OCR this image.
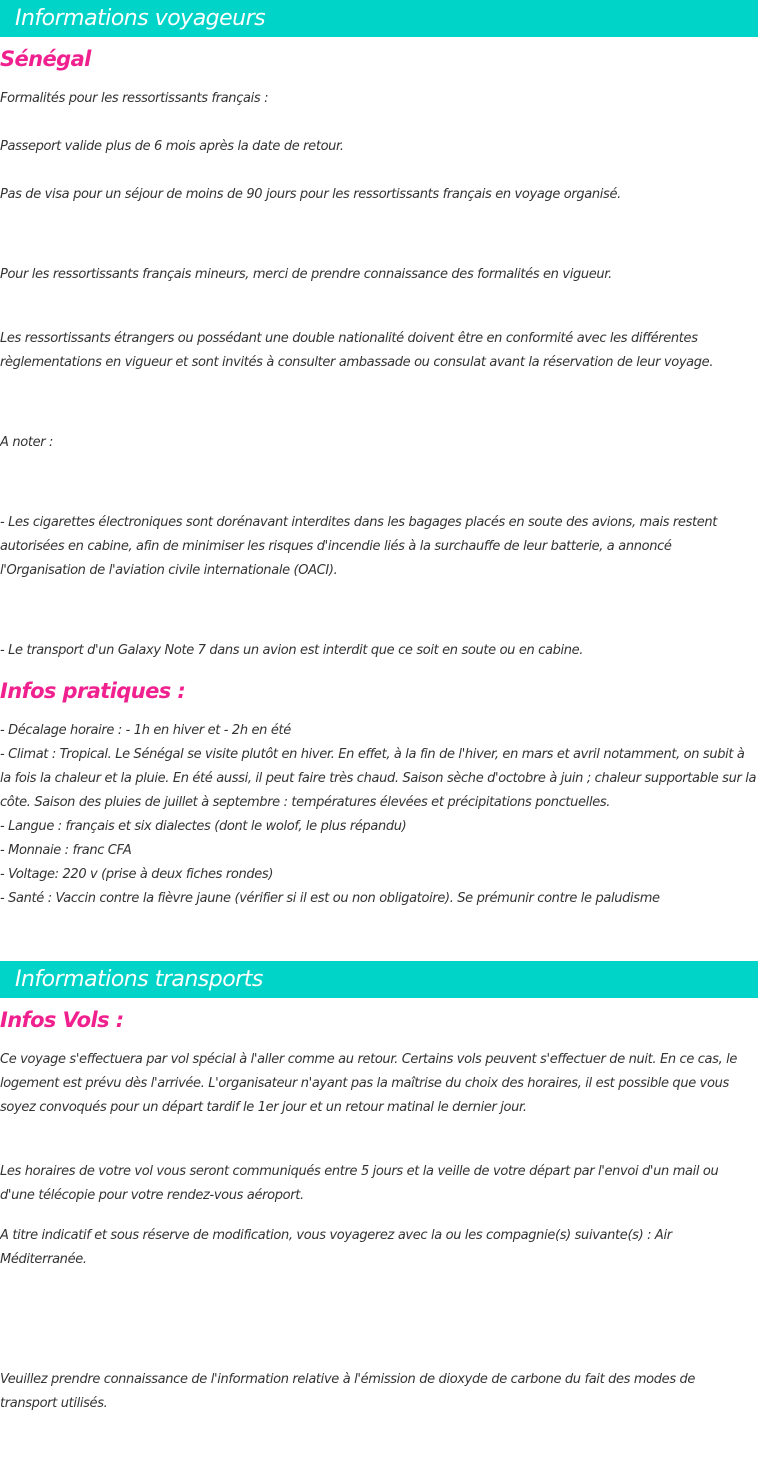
Informations voyageurs
Sénégal
Formalités pour les ressortissants français :
Passeport valide plus de 6 mois après la date de retour.
Pas de visa pour un séjour de moins de 90 jours pour les ressortissants français en voyage organisé.
Pour les ressortissants français mineurs, merci de prendre connaissance des formalités en vigueur.
Les ressortissants étrangers ou possédant une double nationalité doivent être en conformité avec les différentes
règlementations en vigueur et sont invités à consulter ambassade ou consulat avant la réservation de leur voyage.
A noter :
- Les cigarettes électroniques sont dorénavant interdites dans les bagages placés en soute des avions, mais restent
autorisées en cabine, afin de minimiser les risques d'incendie liés à la surchauffe de leur batterie, a annoncé
l'Organisation de l'aviation civile internationale (OACI).
- Le transport d'un Galaxy Note 7 dans un avion est interdit que ce soit en soute ou en cabine.
Infos pratiques :
- Décalage horaire : - 1h en hiver et - 2h en été
- Climat : Tropical. Le Sénégal se visite plutôt en hiver. En effet, à la fin de l'hiver, en mars et avril notamment, on subit à
la fois la chaleur et la pluie. En été aussi, il peut faire très chaud. Saison sèche d'octobre à juin ; chaleur supportable sur la
côte. Saison des pluies de juillet à septembre : températures élevées et précipitations ponctuelles.
- Langue : français et six dialectes (dont le wolof, le plus répandu)
- Monnaie : franc CFA
- Voltage: 220 v (prise à deux fiches rondes)
- Santé : Vaccin contre la fièvre jaune (vérifier si il est ou non obligatoire). Se prémunir contre le paludisme
Informations transports
Infos Vols :
Ce voyage s'effectuera par vol spécial à l'aller comme au retour. Certains vols peuvent s'effectuer de nuit. En ce cas, le
logement est prévu dès l'arrivée. L'organisateur n'ayant pas la maîtrise du choix des horaires, il est possible que vous
soyez convoqués pour un départ tardif le 1er jour et un retour matinal le dernier jour.
Les horaires de votre vol vous seront communiqués entre 5 jours et la veille de votre départ par l'envoi d'un mail ou
d'une télécopie pour votre rendez-vous aéroport.
A titre indicatif et sous réserve de modification, vous voyagerez avec la ou les compagnie(s) suivante(s) : Air
Méditerranée.
Veuillez prendre connaissance de l'information relative à l'émission de dioxyde de carbone du fait des modes de
transport utilisés.
